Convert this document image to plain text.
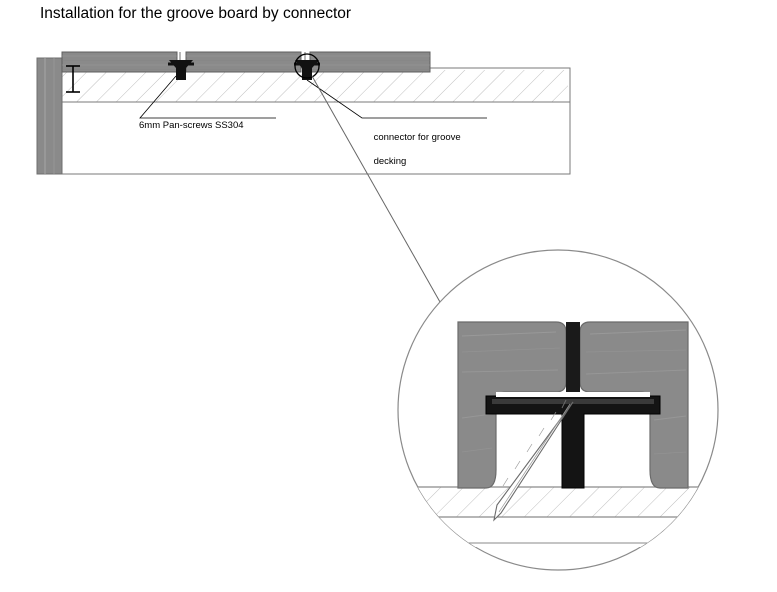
Installation for the groove board by connector
6mm Pan-screws SS304

connector for groove

decking
